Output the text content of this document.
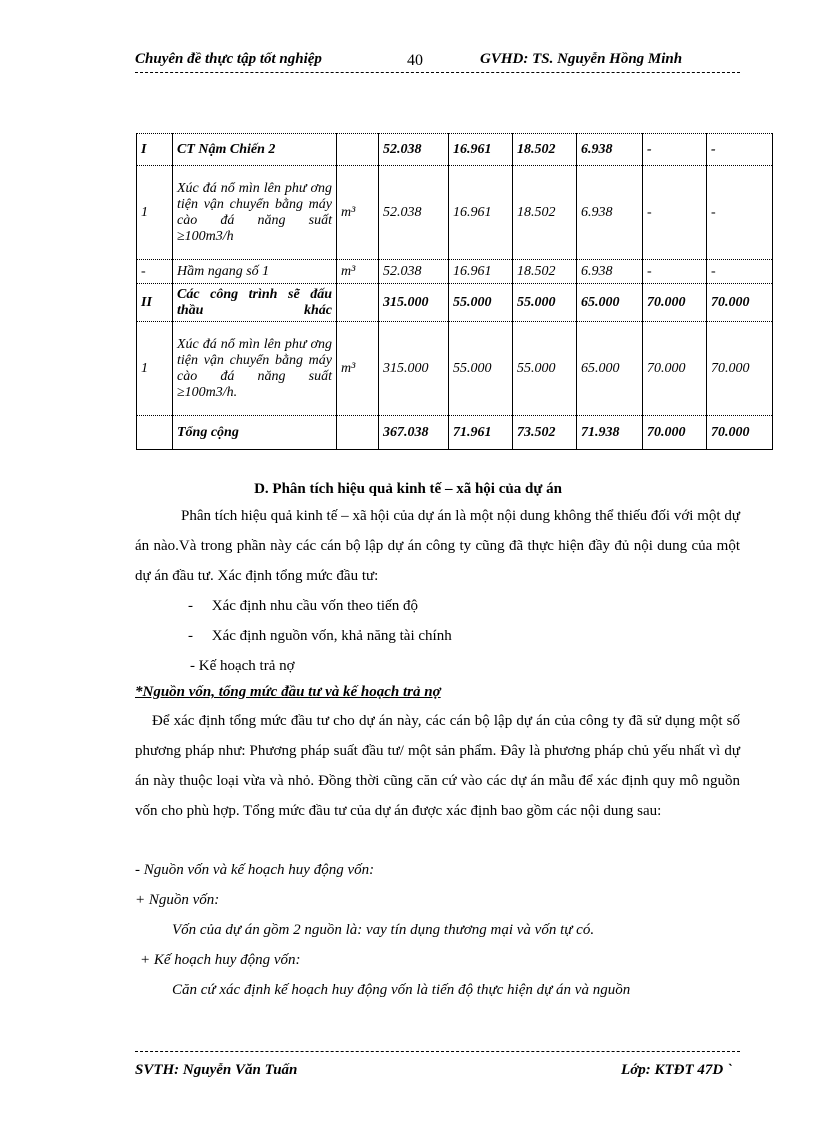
Chuyên đề thực tập tốt nghiệp	40	GVHD: TS. Nguyễn Hồng Minh
I	CT Nậm Chiến 2		52.038	16.961	18.502	6.938	-	-
1	Xúc đá nổ mìn lên phư ơng tiện vận chuyển bằng máy cào đá năng suất ≥100m3/h	m³	52.038	16.961	18.502	6.938	-	-
-	Hầm ngang số 1	m³	52.038	16.961	18.502	6.938	-	-
II	Các công trình sẽ đấu thầu khác		315.000	55.000	55.000	65.000	70.000	70.000
1	Xúc đá nổ mìn lên phư ơng tiện vận chuyển bằng máy cào đá năng suất ≥100m3/h.	m³	315.000	55.000	55.000	65.000	70.000	70.000
	Tổng cộng		367.038	71.961	73.502	71.938	70.000	70.000
D. Phân tích hiệu quả kinh tế – xã hội của dự án
Phân tích hiệu quả kinh tế – xã hội của dự án là một nội dung không thể thiếu đối với một dự án nào.Và trong phần này các cán bộ lập dự án công ty cũng đã thực hiện đầy đủ nội dung của một dự án đầu tư. Xác định tổng mức đầu tư:
-     Xác định nhu cầu vốn theo tiến độ
-     Xác định nguồn vốn, khả năng tài chính
- Kế hoạch trả nợ
*Nguồn vốn, tổng mức đầu tư và kế hoạch trả nợ
Để xác định tổng mức đầu tư cho dự án này, các cán bộ lập dự án của công ty đã sử dụng một số phương pháp như: Phương pháp suất đầu tư/ một sản phẩm. Đây là phương pháp chủ yếu nhất vì dự án này thuộc loại vừa và nhỏ. Đồng thời cũng căn cứ vào các dự án mẫu để xác định quy mô nguồn vốn cho phù hợp. Tổng mức đầu tư của dự án được xác định bao gồm các nội dung sau:
- Nguồn vốn và kế hoạch huy động vốn:
+ Nguồn vốn:
Vốn của dự án gồm 2 nguồn là: vay tín dụng thương mại và vốn tự có.
+ Kế hoạch huy động vốn:
Căn cứ xác định kế hoạch huy động vốn là tiến độ thực hiện dự án và nguồn
SVTH: Nguyễn Văn Tuấn	Lớp: KTĐT 47D `
